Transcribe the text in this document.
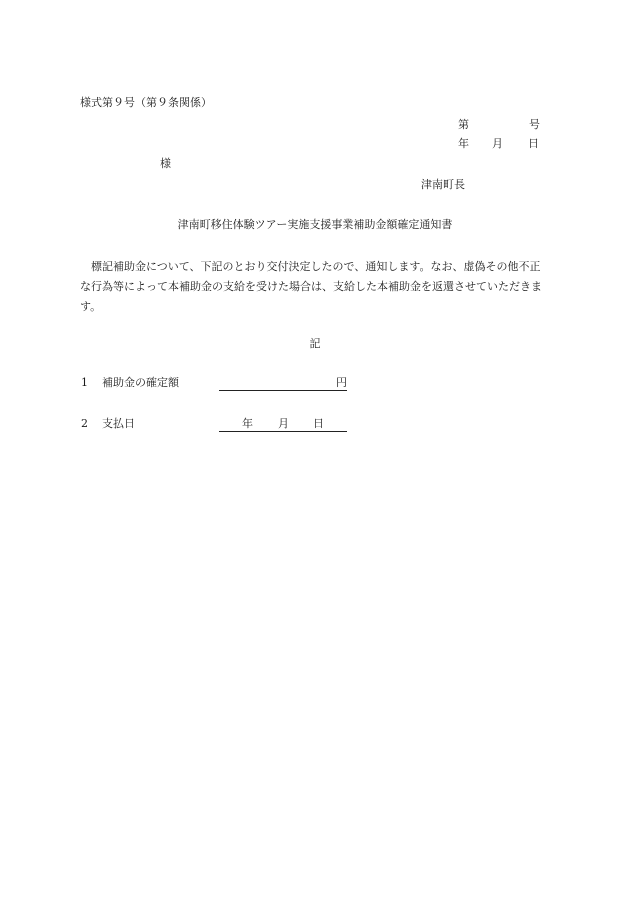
様式第９号（第９条関係）
第	号
年 月 日
様
津南町長
津南町移住体験ツアー実施支援事業補助金額確定通知書
標記補助金について、下記のとおり交付決定したので、通知します。なお、虚偽その他不正な行為等によって本補助金の支給を受けた場合は、支給した本補助金を返還させていただきます。
記
1 補助金の確定額	円
2 支払日	年 月 日
